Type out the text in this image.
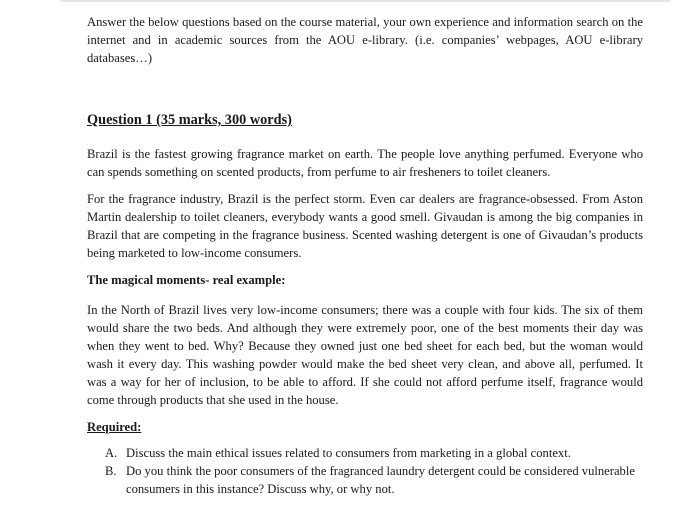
Answer the below questions based on the course material, your own experience and information search on the internet and in academic sources from the AOU e-library. (i.e. companies’ webpages, AOU e-library databases…)

Question 1 (35 marks, 300 words)

Brazil is the fastest growing fragrance market on earth. The people love anything perfumed. Everyone who can spends something on scented products, from perfume to air fresheners to toilet cleaners.

For the fragrance industry, Brazil is the perfect storm. Even car dealers are fragrance-obsessed. From Aston Martin dealership to toilet cleaners, everybody wants a good smell. Givaudan is among the big companies in Brazil that are competing in the fragrance business. Scented washing detergent is one of Givaudan’s products being marketed to low-income consumers.

The magical moments- real example:

In the North of Brazil lives very low-income consumers; there was a couple with four kids. The six of them would share the two beds. And although they were extremely poor, one of the best moments their day was when they went to bed. Why? Because they owned just one bed sheet for each bed, but the woman would wash it every day. This washing powder would make the bed sheet very clean, and above all, perfumed. It was a way for her of inclusion, to be able to afford. If she could not afford perfume itself, fragrance would come through products that she used in the house.

Required:
A. Discuss the main ethical issues related to consumers from marketing in a global context.
B. Do you think the poor consumers of the fragranced laundry detergent could be considered vulnerable consumers in this instance? Discuss why, or why not.
